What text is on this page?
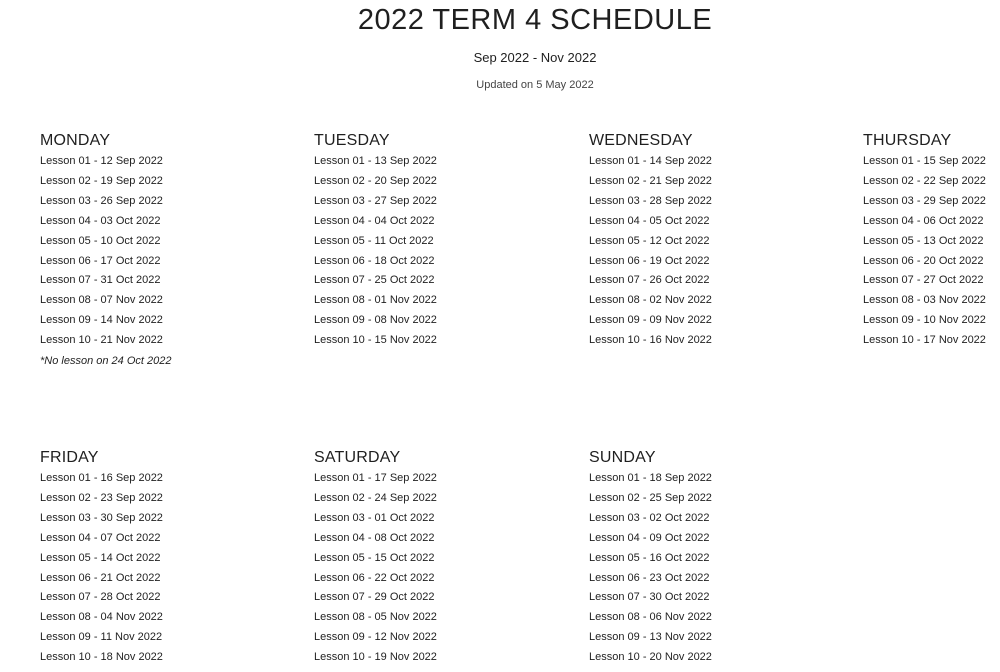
2022 TERM 4 SCHEDULE
Sep 2022 - Nov 2022
Updated on 5 May 2022
MONDAY
Lesson 01 - 12 Sep 2022
Lesson 02 - 19 Sep 2022
Lesson 03 - 26 Sep 2022
Lesson 04 - 03 Oct 2022
Lesson 05 - 10 Oct 2022
Lesson 06 - 17 Oct 2022
Lesson 07 - 31 Oct 2022
Lesson 08 - 07 Nov 2022
Lesson 09 - 14 Nov 2022
Lesson 10 - 21 Nov 2022
*No lesson on 24 Oct 2022
TUESDAY
Lesson 01 - 13 Sep 2022
Lesson 02 - 20 Sep 2022
Lesson 03 - 27 Sep 2022
Lesson 04 - 04 Oct 2022
Lesson 05 - 11 Oct 2022
Lesson 06 - 18 Oct 2022
Lesson 07 - 25 Oct 2022
Lesson 08 - 01 Nov 2022
Lesson 09 - 08 Nov 2022
Lesson 10 - 15 Nov 2022
WEDNESDAY
Lesson 01 - 14 Sep 2022
Lesson 02 - 21 Sep 2022
Lesson 03 - 28 Sep 2022
Lesson 04 - 05 Oct 2022
Lesson 05 - 12 Oct 2022
Lesson 06 - 19 Oct 2022
Lesson 07 - 26 Oct 2022
Lesson 08 - 02 Nov 2022
Lesson 09 - 09 Nov 2022
Lesson 10 - 16 Nov 2022
THURSDAY
Lesson 01 - 15 Sep 2022
Lesson 02 - 22 Sep 2022
Lesson 03 - 29 Sep 2022
Lesson 04 - 06 Oct 2022
Lesson 05 - 13 Oct 2022
Lesson 06 - 20 Oct 2022
Lesson 07 - 27 Oct 2022
Lesson 08 - 03 Nov 2022
Lesson 09 - 10 Nov 2022
Lesson 10 - 17 Nov 2022
FRIDAY
Lesson 01 - 16 Sep 2022
Lesson 02 - 23 Sep 2022
Lesson 03 - 30 Sep 2022
Lesson 04 - 07 Oct 2022
Lesson 05 - 14 Oct 2022
Lesson 06 - 21 Oct 2022
Lesson 07 - 28 Oct 2022
Lesson 08 - 04 Nov 2022
Lesson 09 - 11 Nov 2022
Lesson 10 - 18 Nov 2022
SATURDAY
Lesson 01 - 17 Sep 2022
Lesson 02 - 24 Sep 2022
Lesson 03 - 01 Oct 2022
Lesson 04 - 08 Oct 2022
Lesson 05 - 15 Oct 2022
Lesson 06 - 22 Oct 2022
Lesson 07 - 29 Oct 2022
Lesson 08 - 05 Nov 2022
Lesson 09 - 12 Nov 2022
Lesson 10 - 19 Nov 2022
SUNDAY
Lesson 01 - 18 Sep 2022
Lesson 02 - 25 Sep 2022
Lesson 03 - 02 Oct 2022
Lesson 04 - 09 Oct 2022
Lesson 05 - 16 Oct 2022
Lesson 06 - 23 Oct 2022
Lesson 07 - 30 Oct 2022
Lesson 08 - 06 Nov 2022
Lesson 09 - 13 Nov 2022
Lesson 10 - 20 Nov 2022
